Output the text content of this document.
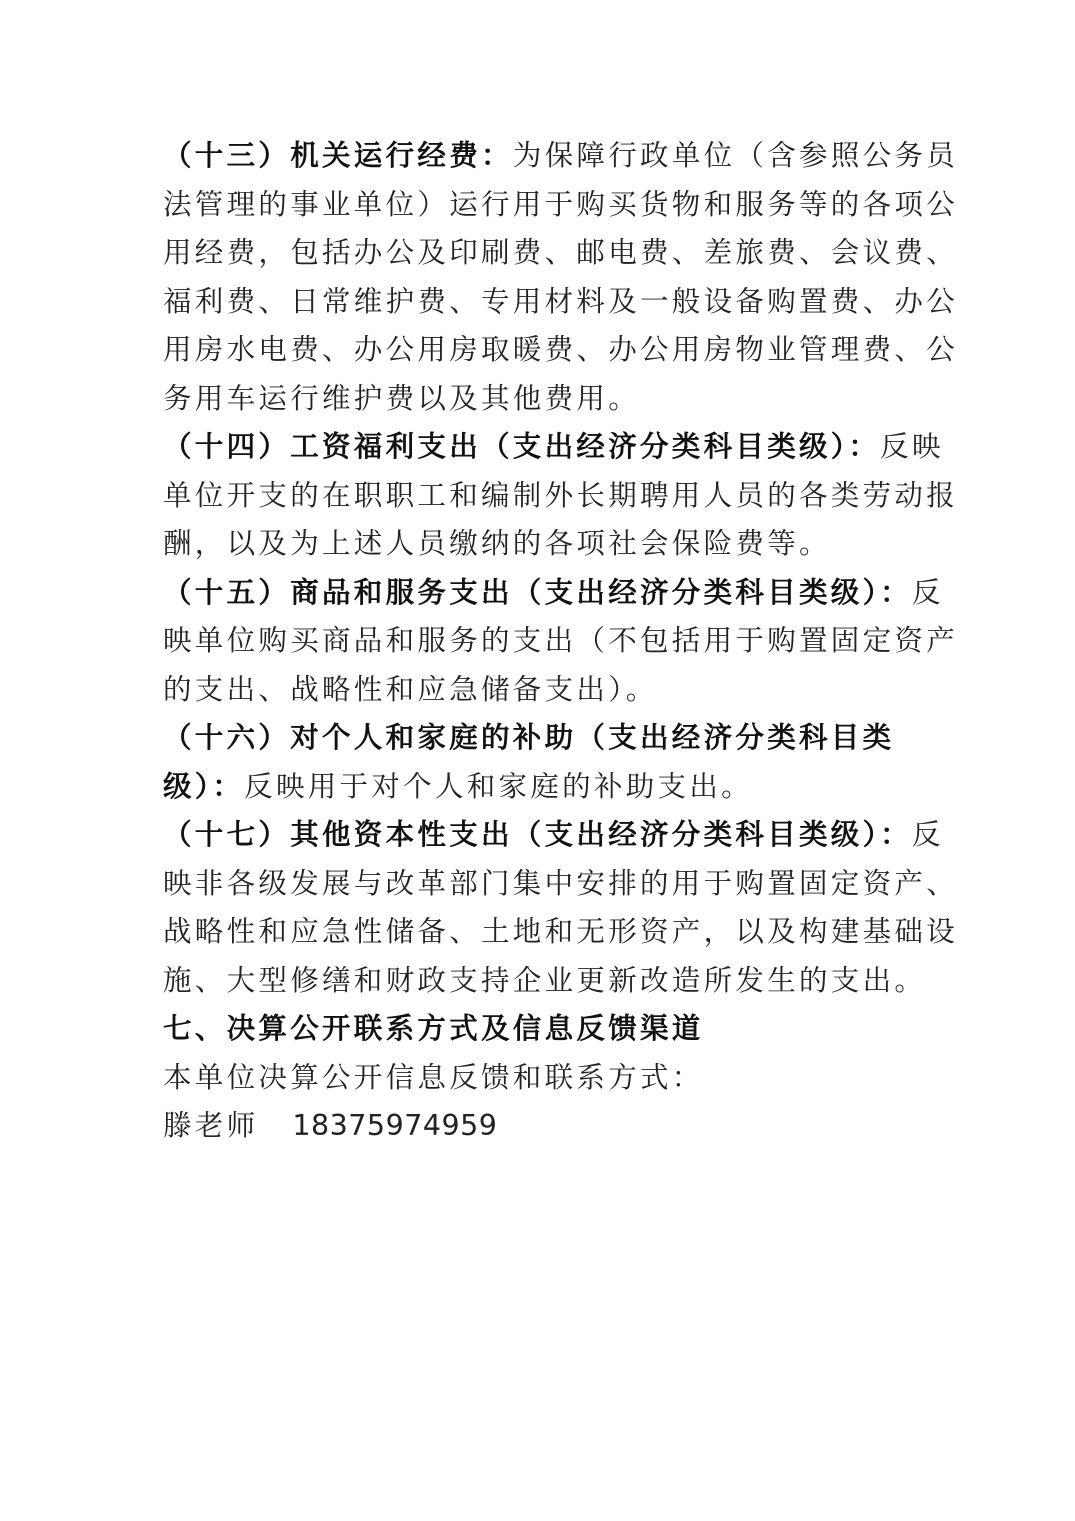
（十三）机关运行经费：为保障行政单位（含参照公务员
法管理的事业单位）运行用于购买货物和服务等的各项公
用经费，包括办公及印刷费、邮电费、差旅费、会议费、
福利费、日常维护费、专用材料及一般设备购置费、办公
用房水电费、办公用房取暖费、办公用房物业管理费、公
务用车运行维护费以及其他费用。
（十四）工资福利支出（支出经济分类科目类级）：反映
单位开支的在职职工和编制外长期聘用人员的各类劳动报
酬，以及为上述人员缴纳的各项社会保险费等。
（十五）商品和服务支出（支出经济分类科目类级）：反
映单位购买商品和服务的支出（不包括用于购置固定资产
的支出、战略性和应急储备支出）。
（十六）对个人和家庭的补助（支出经济分类科目类
级）：反映用于对个人和家庭的补助支出。
（十七）其他资本性支出（支出经济分类科目类级）：反
映非各级发展与改革部门集中安排的用于购置固定资产、
战略性和应急性储备、土地和无形资产，以及构建基础设
施、大型修缮和财政支持企业更新改造所发生的支出。
七、决算公开联系方式及信息反馈渠道
本单位决算公开信息反馈和联系方式：
滕老师 18375974959
